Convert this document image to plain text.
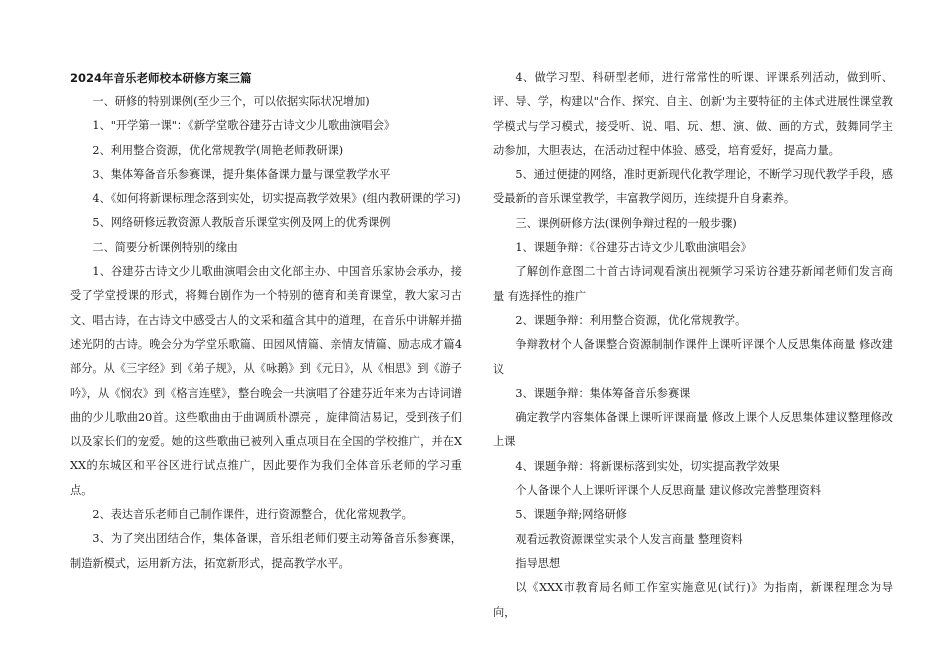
2024年音乐老师校本研修方案三篇

一、研修的特别课例(至少三个，可以依据实际状况增加)

1、"开学第一课"：《新学堂歌谷建芬古诗文少儿歌曲演唱会》

2、利用整合资源，优化常规教学(周艳老师教研课)

3、集体筹备音乐参赛课，提升集体备课力量与课堂教学水平

4、《如何将新课标理念落到实处，切实提高教学效果》(组内教研课的学习)

5、网络研修远教资源人教版音乐课堂实例及网上的优秀课例

二、简要分析课例特别的缘由

1、谷建芬古诗文少儿歌曲演唱会由文化部主办、中国音乐家协会承办，接受了学堂授课的形式，将舞台剧作为一个特别的德育和美育课堂，教大家习古文、唱古诗，在古诗文中感受古人的文采和蕴含其中的道理，在音乐中讲解并描述光阴的古诗。晚会分为学堂乐歌篇、田园风情篇、亲情友情篇、励志成才篇4部分。从《三字经》到《弟子规》，从《咏鹅》到《元日》，从《相思》到《游子吟》，从《悯农》到《格言连壁》，整台晚会一共演唱了谷建芬近年来为古诗词谱曲的少儿歌曲20首。这些歌曲由于曲调质朴漂亮 ，旋律简洁易记，受到孩子们以及家长们的宠爱。她的这些歌曲已被列入重点项目在全国的学校推广，并在XXX的东城区和平谷区进行试点推广，因此要作为我们全体音乐老师的学习重点。

2、表达音乐老师自己制作课件，进行资源整合，优化常规教学。

3、为了突出团结合作，集体备课，音乐组老师们要主动筹备音乐参赛课，制造新模式，运用新方法，拓宽新形式，提高教学水平。

4、做学习型、科研型老师，进行常常性的听课、评课系列活动，做到听、评、导、学，构建以"合作、探究、自主、创新'为主要特征的主体式进展性课堂教学模式与学习模式，接受听、说、唱、玩、想、演、做、画的方式，鼓舞同学主动参加，大胆表达，在活动过程中体验、感受，培育爱好，提高力量。

5、通过便捷的网络，准时更新现代化教学理论，不断学习现代教学手段，感受最新的音乐课堂教学，丰富教学阅历，连续提升自身素养。

三、课例研修方法(课例争辩过程的一般步骤)

1、课题争辩：《谷建芬古诗文少儿歌曲演唱会》

了解创作意图二十首古诗词观看演出视频学习采访谷建芬新闻老师们发言商量 有选择性的推广

2、课题争辩：利用整合资源，优化常规教学。

争辩教材个人备课整合资源制制作课件上课听评课个人反思集体商量 修改建议

3、课题争辩：集体筹备音乐参赛课

确定教学内容集体备课上课听评课商量 修改上课个人反思集体建议整理修改上课

4、课题争辩：将新课标落到实处，切实提高教学效果

个人备课个人上课听评课个人反思商量 建议修改完善整理资料

5、课题争辩;网络研修

观看远教资源课堂实录个人发言商量 整理资料

指导思想

以《XXX市教育局名师工作室实施意见(试行)》为指南，新课程理念为导向，
